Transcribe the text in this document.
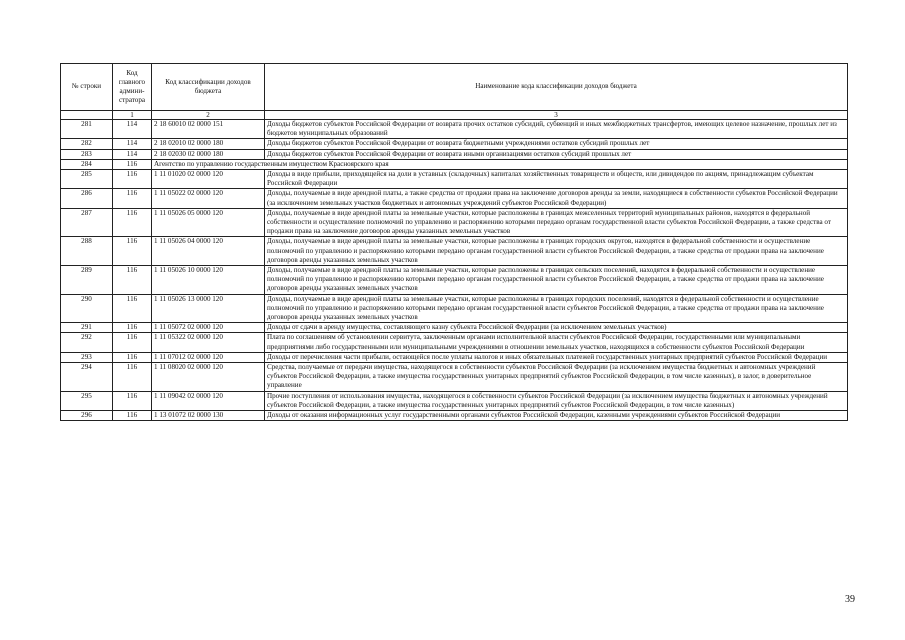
№ строки	Код главного админи-стратора	Код классификации доходов бюджета	Наименование кода классификации доходов бюджета
	1	2	3
281	114	2 18 60010 02 0000 151	Доходы бюджетов субъектов Российской Федерации от возврата прочих остатков субсидий, субвенций и иных межбюджетных трансфертов, имеющих целевое назначение, прошлых лет из бюджетов муниципальных образований
282	114	2 18 02010 02 0000 180	Доходы бюджетов субъектов Российской Федерации от возврата бюджетными учреждениями остатков субсидий прошлых лет
283	114	2 18 02030 02 0000 180	Доходы бюджетов субъектов Российской Федерации от возврата иными организациями остатков субсидий прошлых лет
284	116	Агентство по управлению государственным имуществом Красноярского края	
285	116	1 11 01020 02 0000 120	Доходы в виде прибыли, приходящейся на доли в уставных (складочных) капиталах хозяйственных товариществ и обществ, или дивидендов по акциям, принадлежащим субъектам Российской Федерации
286	116	1 11 05022 02 0000 120	Доходы, получаемые в виде арендной платы, а также средства от продажи права на заключение договоров аренды за земли, находящиеся в собственности субъектов Российской Федерации (за исключением земельных участков бюджетных и автономных учреждений субъектов Российской Федерации)
287	116	1 11 05026 05 0000 120	Доходы, получаемые в виде арендной платы за земельные участки, которые расположены в границах межселенных территорий муниципальных районов, находятся в федеральной собственности и осуществление полномочий по управлению и распоряжению которыми передано органам государственной власти субъектов Российской Федерации, а также средства от продажи права на заключение договоров аренды указанных земельных участков
288	116	1 11 05026 04 0000 120	Доходы, получаемые в виде арендной платы за земельные участки, которые расположены в границах городских округов, находятся в федеральной собственности и осуществление полномочий по управлению и распоряжению которыми передано органам государственной власти субъектов Российской Федерации, а также средства от продажи права на заключение договоров аренды указанных земельных участков
289	116	1 11 05026 10 0000 120	Доходы, получаемые в виде арендной платы за земельные участки, которые расположены в границах сельских поселений, находятся в федеральной собственности и осуществление полномочий по управлению и распоряжению которыми передано органам государственной власти субъектов Российской Федерации, а также средства от продажи права на заключение договоров аренды указанных земельных участков
290	116	1 11 05026 13 0000 120	Доходы, получаемые в виде арендной платы за земельные участки, которые расположены в границах городских поселений, находятся в федеральной собственности и осуществление полномочий по управлению и распоряжению которыми передано органам государственной власти субъектов Российской Федерации, а также средства от продажи права на заключение договоров аренды указанных земельных участков
291	116	1 11 05072 02 0000 120	Доходы от сдачи в аренду имущества, составляющего казну субъекта Российской Федерации (за исключением земельных участков)
292	116	1 11 05322 02 0000 120	Плата по соглашениям об установлении сервитута, заключенным органами исполнительной власти субъектов Российской Федерации, государственными или муниципальными предприятиями либо государственными или муниципальными учреждениями в отношении земельных участков, находящихся в собственности субъектов Российской Федерации
293	116	1 11 07012 02 0000 120	Доходы от перечисления части прибыли, остающейся после уплаты налогов и иных обязательных платежей государственных унитарных предприятий субъектов Российской Федерации
294	116	1 11 08020 02 0000 120	Средства, получаемые от передачи имущества, находящегося в собственности субъектов Российской Федерации (за исключением имущества бюджетных и автономных учреждений субъектов Российской Федерации, а также имущества государственных унитарных предприятий субъектов Российской Федерации, в том числе казенных), в залог, в доверительное управление
295	116	1 11 09042 02 0000 120	Прочие поступления от использования имущества, находящегося в собственности субъектов Российской Федерации (за исключением имущества бюджетных и автономных учреждений субъектов Российской Федерации, а также имущества государственных унитарных предприятий субъектов Российской Федерации, в том числе казенных)
296	116	1 13 01072 02 0000 130	Доходы от оказания информационных услуг государственными органами субъектов Российской Федерации, казенными учреждениями субъектов Российской Федерации
39
